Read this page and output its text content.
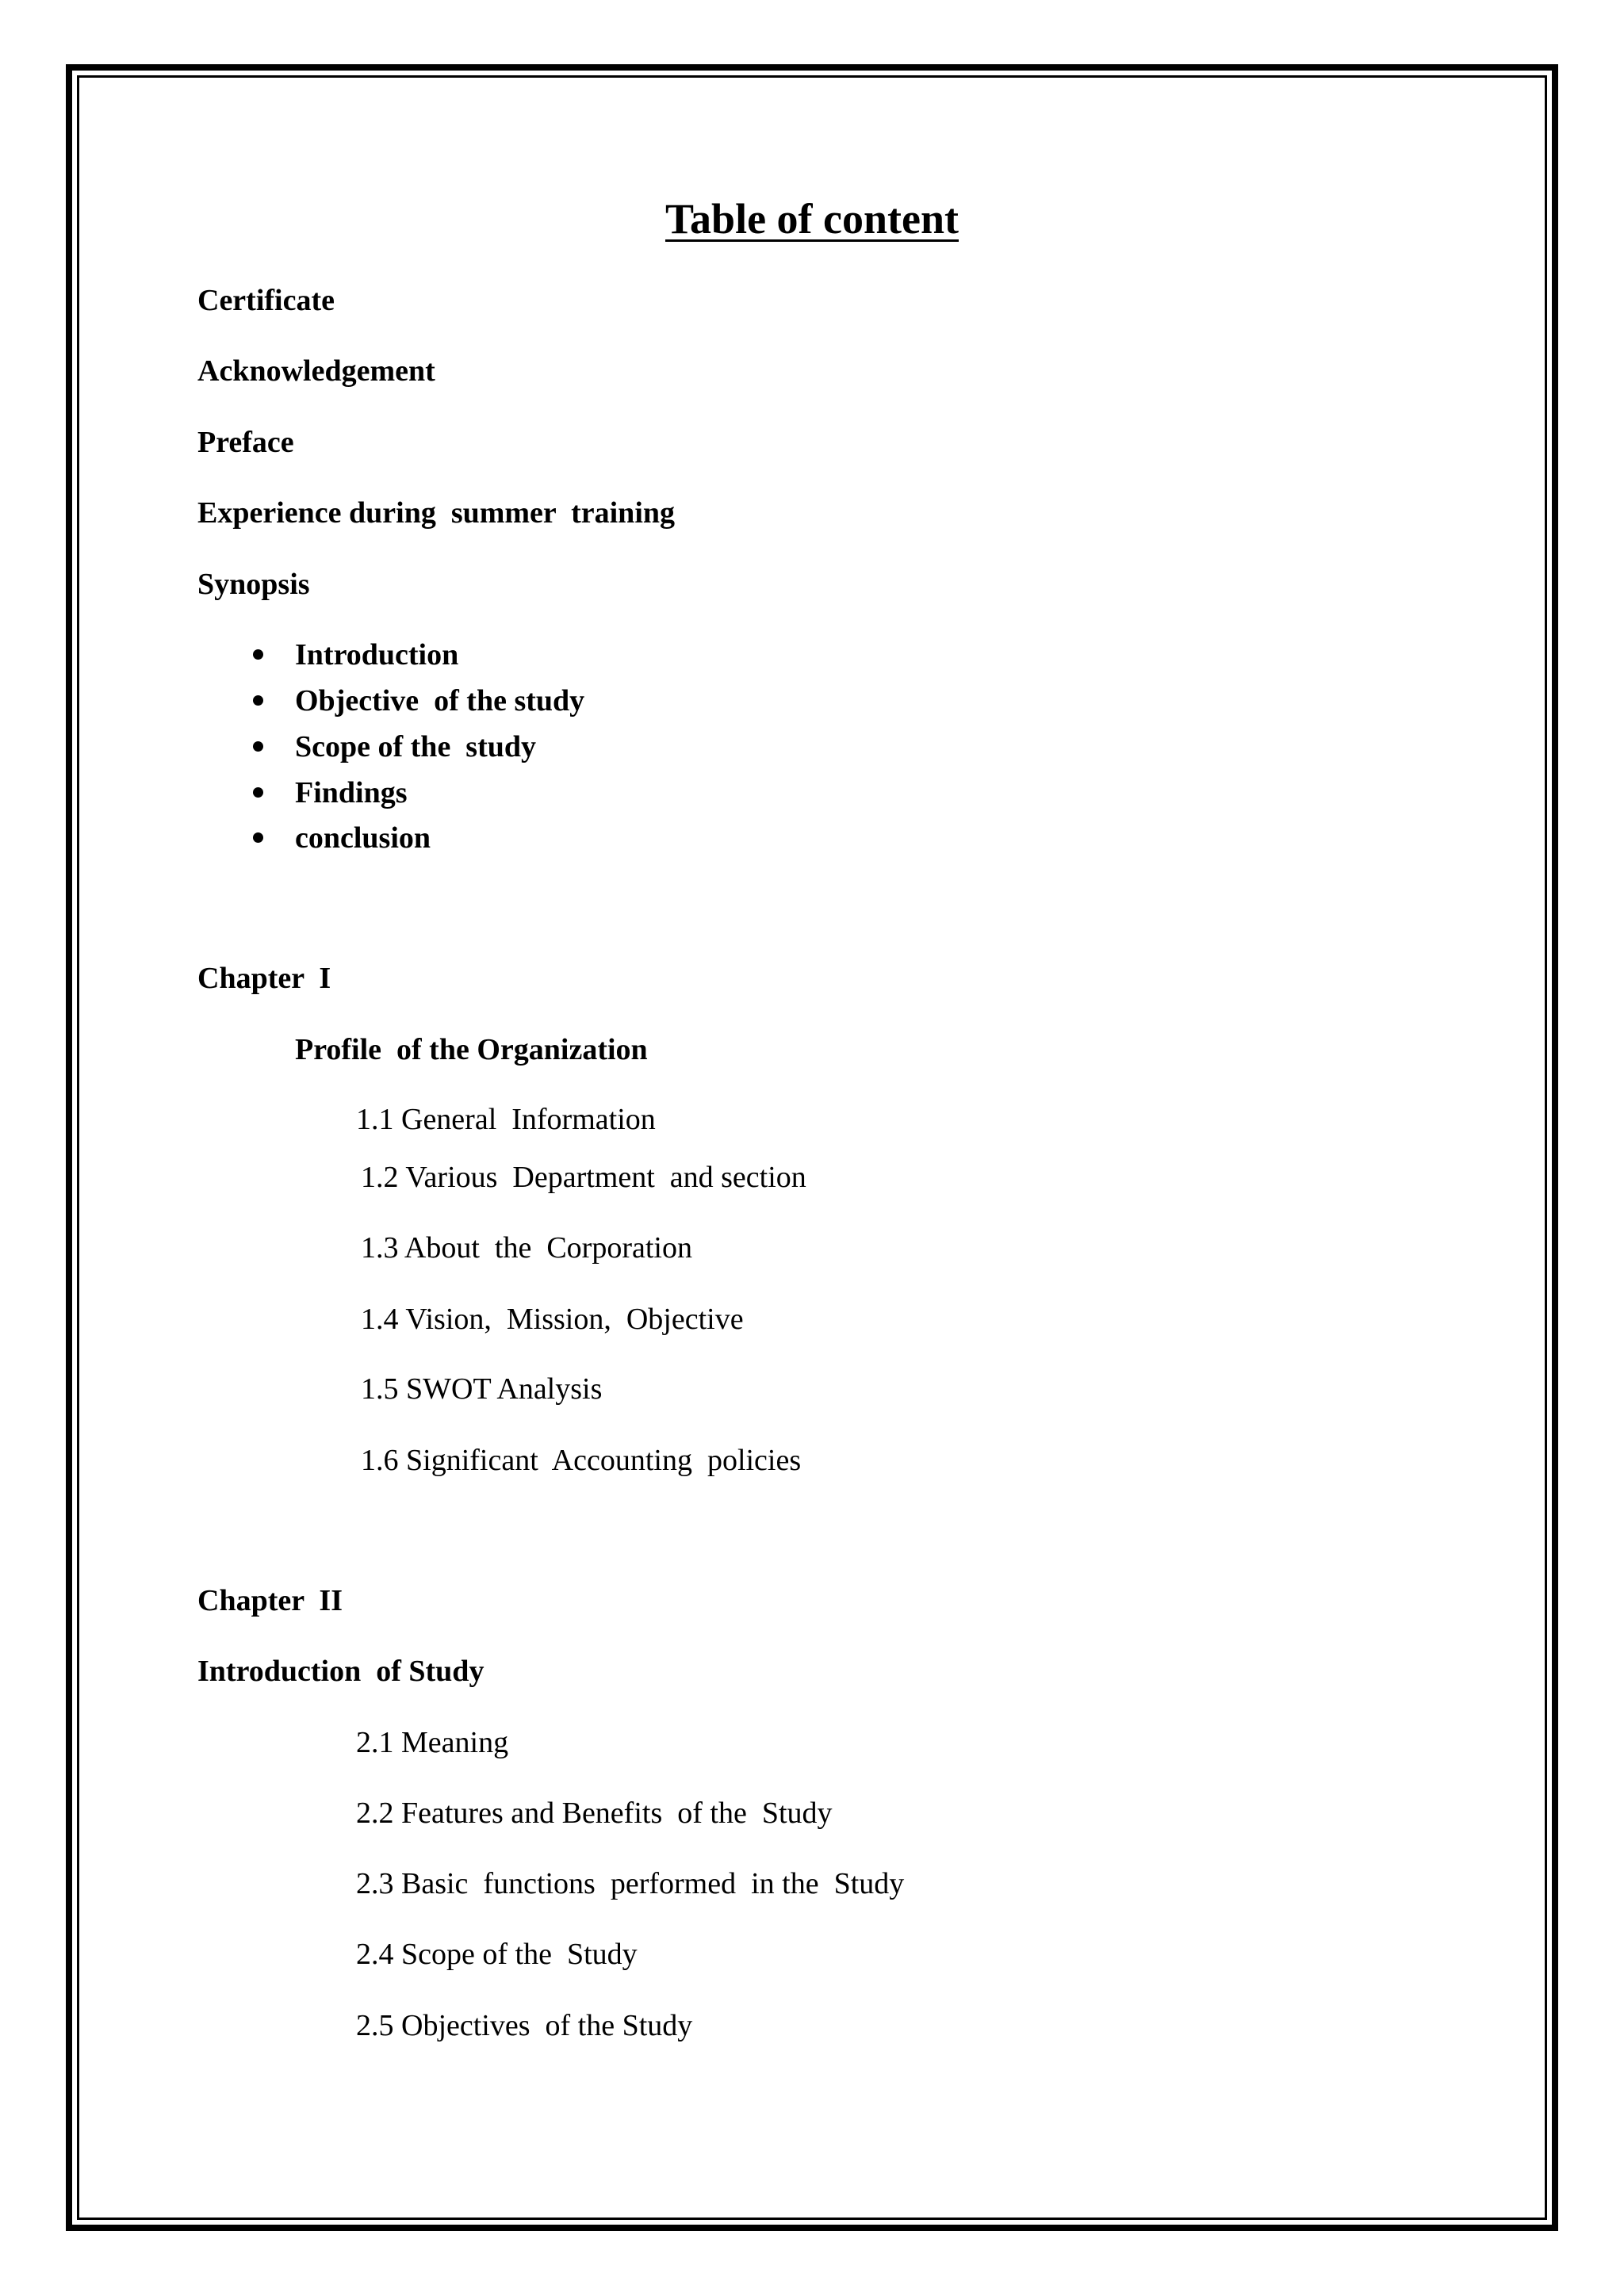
Table of content
Certificate
Acknowledgement
Preface
Experience during  summer  training
Synopsis
Introduction
Objective  of the study
Scope of the  study
Findings
conclusion
Chapter  I
Profile  of the Organization
1.1 General  Information
1.2 Various  Department  and section
1.3 About  the  Corporation
1.4 Vision,  Mission,  Objective
1.5 SWOT Analysis
1.6 Significant  Accounting  policies
Chapter  II
Introduction  of Study
2.1 Meaning
2.2 Features and Benefits  of the  Study
2.3 Basic  functions  performed  in the  Study
2.4 Scope of the  Study
2.5 Objectives  of the Study
